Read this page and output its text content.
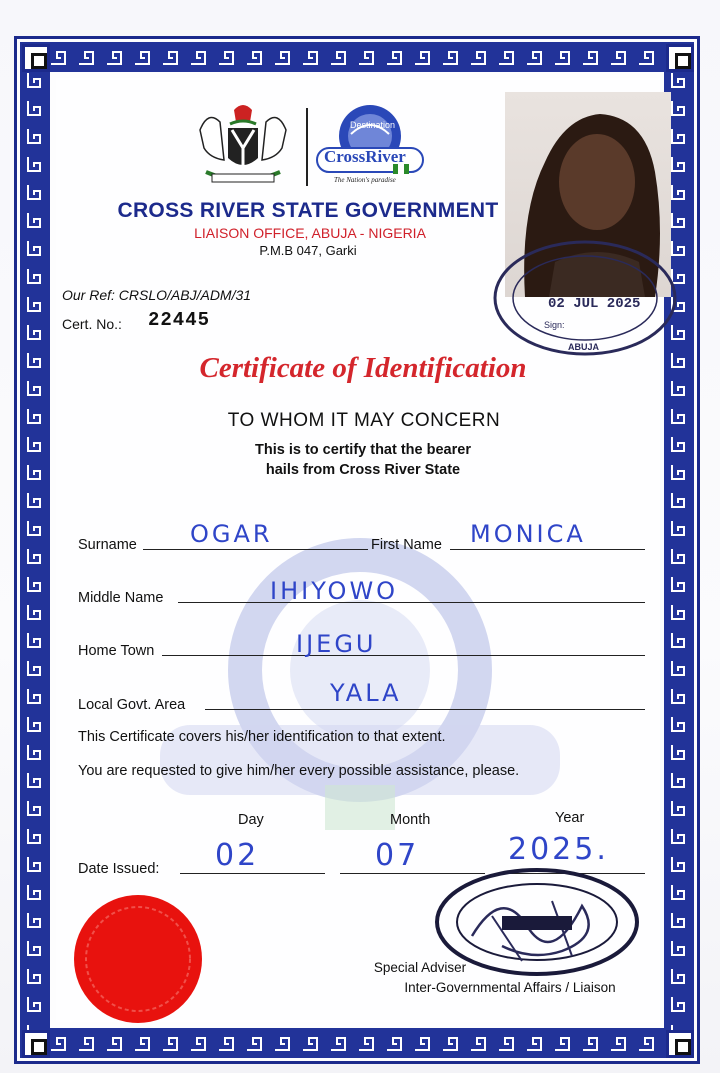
CrossRiver
Destination
The Nation's paradise
02 JUL 2025
Sign:
ABUJA
CROSS RIVER STATE GOVERNMENT
LIAISON OFFICE, ABUJA - NIGERIA
P.M.B 047, Garki
Our Ref: CRSLO/ABJ/ADM/31
Cert. No.: 22445
Certificate of Identification
TO WHOM IT MAY CONCERN
This is to certify that the bearer
hails from Cross River State
Surname OGAR	First Name MONICA
Middle Name	IHIYOWO
Home Town	IJEGU
Local Govt. Area	YALA
This Certificate covers his/her identification to that extent.
You are requested to give him/her every possible assistance, please.
Day	Month	Year
Date Issued: 02	07	2025.
Special Adviser
Inter-Governmental Affairs / Liaison
